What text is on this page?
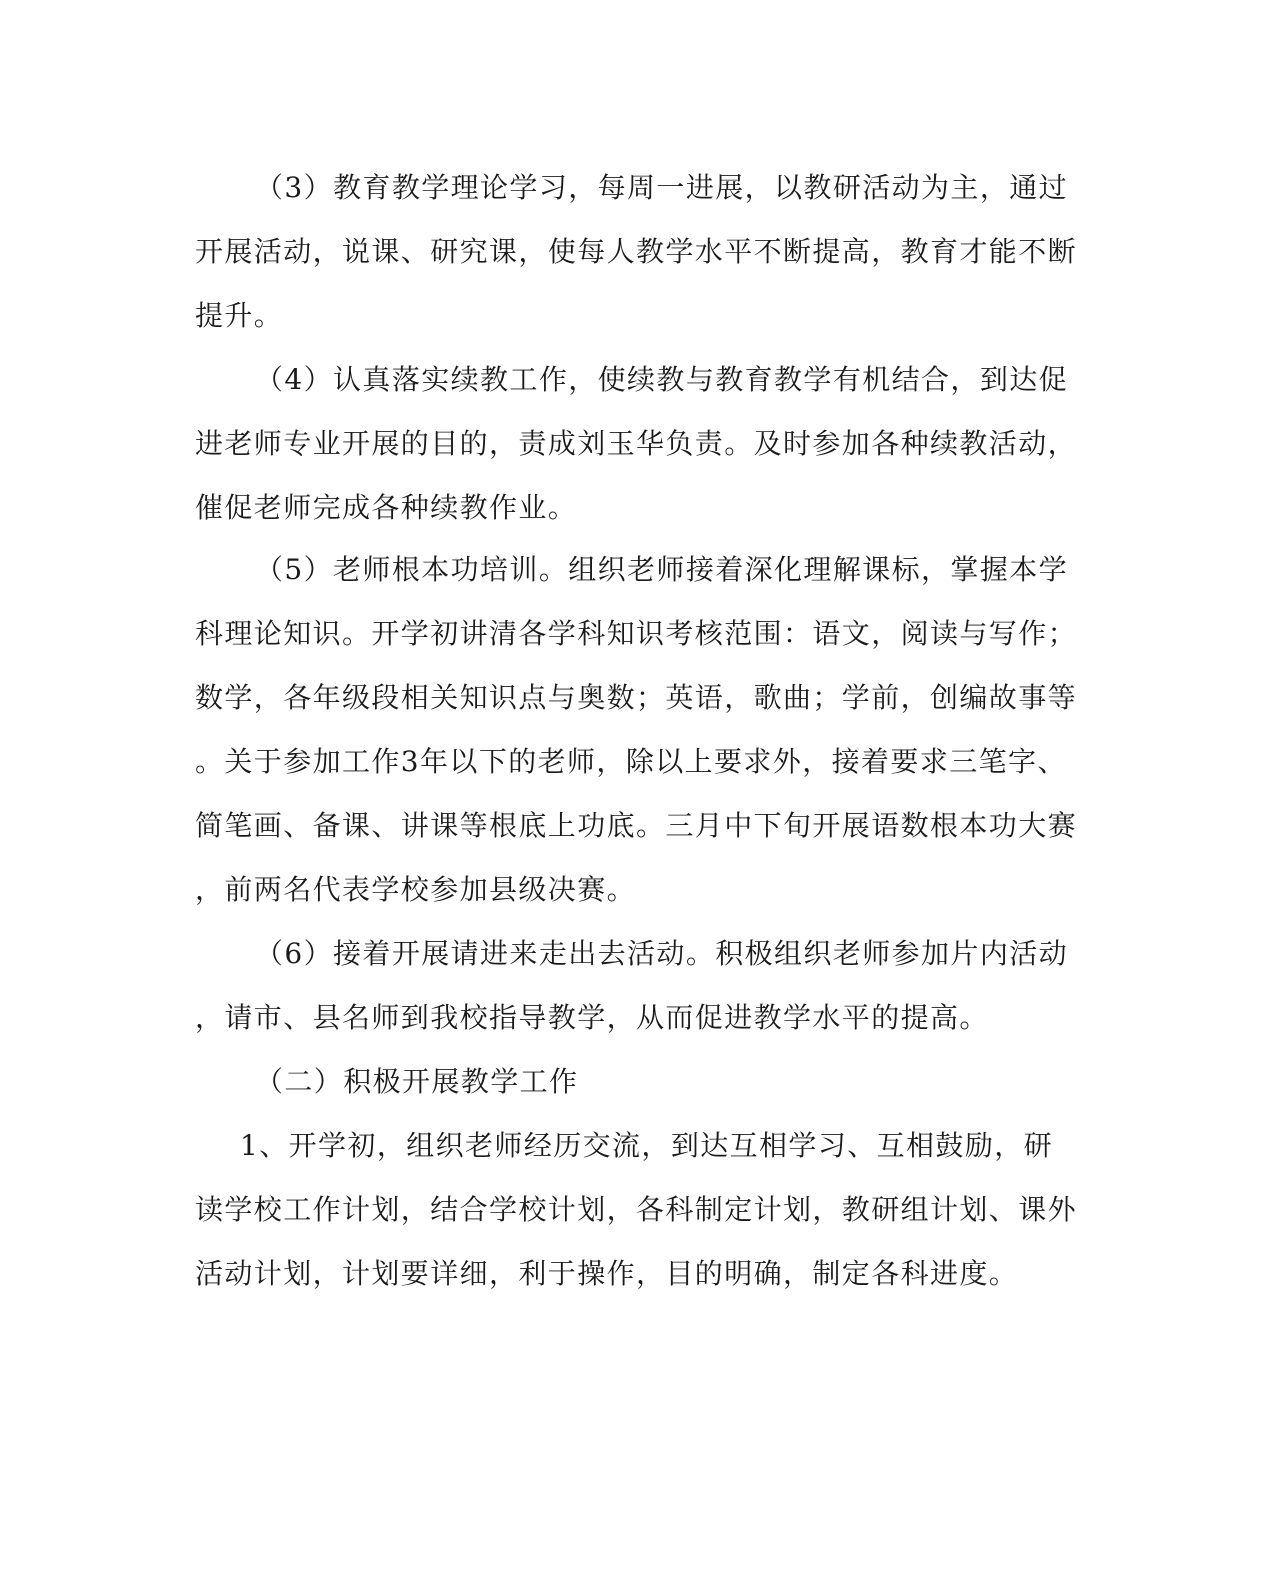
（3）教育教学理论学习，每周一进展，以教研活动为主，通过
开展活动，说课、研究课，使每人教学水平不断提高，教育才能不断
提升。
（4）认真落实续教工作，使续教与教育教学有机结合，到达促
进老师专业开展的目的，责成刘玉华负责。及时参加各种续教活动，
催促老师完成各种续教作业。
（5）老师根本功培训。组织老师接着深化理解课标，掌握本学
科理论知识。开学初讲清各学科知识考核范围：语文，阅读与写作；
数学，各年级段相关知识点与奥数；英语，歌曲；学前，创编故事等
。关于参加工作3年以下的老师，除以上要求外，接着要求三笔字、
简笔画、备课、讲课等根底上功底。三月中下旬开展语数根本功大赛
，前两名代表学校参加县级决赛。
（6）接着开展请进来走出去活动。积极组织老师参加片内活动
，请市、县名师到我校指导教学，从而促进教学水平的提高。
（二）积极开展教学工作
1、开学初，组织老师经历交流，到达互相学习、互相鼓励，研
读学校工作计划，结合学校计划，各科制定计划，教研组计划、课外
活动计划，计划要详细，利于操作，目的明确，制定各科进度。
